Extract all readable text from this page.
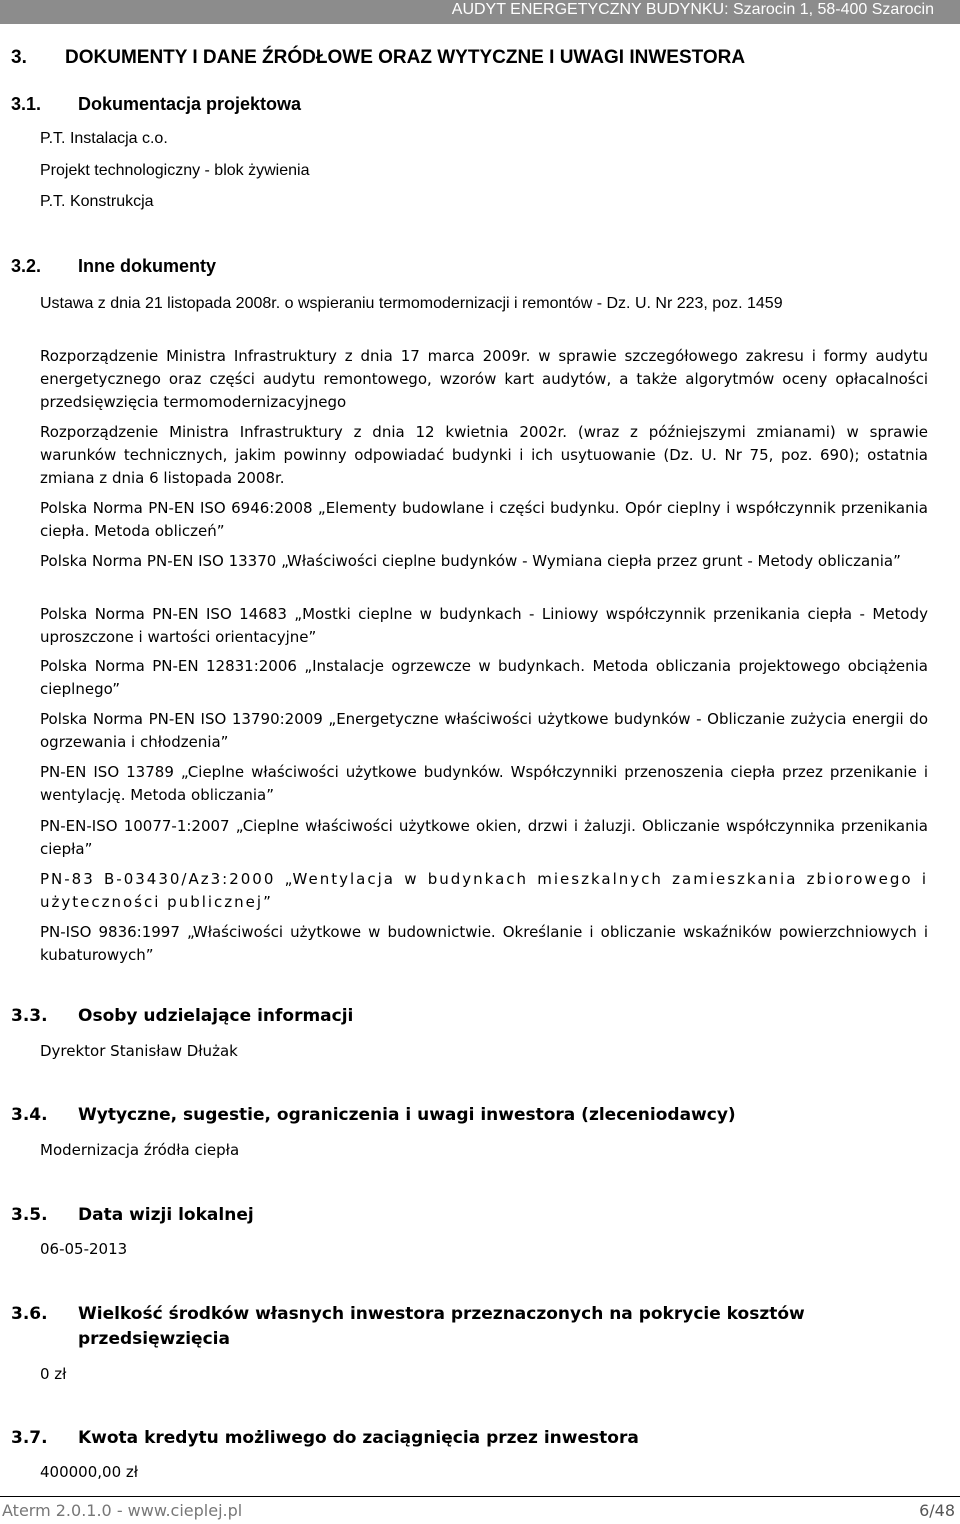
AUDYT ENERGETYCZNY BUDYNKU: Szarocin 1, 58-400 Szarocin
3. DOKUMENTY I DANE ŹRÓDŁOWE ORAZ WYTYCZNE I UWAGI INWESTORA
3.1. Dokumentacja projektowa
P.T. Instalacja c.o.
Projekt technologiczny - blok żywienia
P.T. Konstrukcja
3.2. Inne dokumenty
Ustawa z dnia 21 listopada 2008r. o wspieraniu termomodernizacji i remontów - Dz. U. Nr 223, poz. 1459
Rozporządzenie Ministra Infrastruktury z dnia 17 marca 2009r. w sprawie szczegółowego zakresu i formy audytu energetycznego oraz części audytu remontowego, wzorów kart audytów, a także algorytmów oceny opłacalności przedsięwzięcia termomodernizacyjnego
Rozporządzenie Ministra Infrastruktury z dnia 12 kwietnia 2002r. (wraz z późniejszymi zmianami) w sprawie warunków technicznych, jakim powinny odpowiadać budynki i ich usytuowanie (Dz. U. Nr 75, poz. 690); ostatnia zmiana z dnia 6 listopada 2008r.
Polska Norma PN-EN ISO 6946:2008 „Elementy budowlane i części budynku. Opór cieplny i współczynnik przenikania ciepła. Metoda obliczeń”
Polska Norma PN-EN ISO 13370 „Właściwości cieplne budynków - Wymiana ciepła przez grunt - Metody obliczania”
Polska Norma PN-EN ISO 14683 „Mostki cieplne w budynkach - Liniowy współczynnik przenikania ciepła - Metody uproszczone i wartości orientacyjne”
Polska Norma PN-EN 12831:2006 „Instalacje ogrzewcze w budynkach. Metoda obliczania projektowego obciążenia cieplnego”
Polska Norma PN-EN ISO 13790:2009 „Energetyczne właściwości użytkowe budynków - Obliczanie zużycia energii do ogrzewania i chłodzenia”
PN-EN ISO 13789 „Cieplne właściwości użytkowe budynków. Współczynniki przenoszenia ciepła przez przenikanie i wentylację. Metoda obliczania”
PN-EN-ISO 10077-1:2007 „Cieplne właściwości użytkowe okien, drzwi i żaluzji. Obliczanie współczynnika przenikania ciepła”
PN-83 B-03430/Az3:2000 „Wentylacja w budynkach mieszkalnych zamieszkania zbiorowego i użyteczności publicznej”
PN-ISO 9836:1997 „Właściwości użytkowe w budownictwie. Określanie i obliczanie wskaźników powierzchniowych i kubaturowych”
3.3. Osoby udzielające informacji
Dyrektor Stanisław Dłużak
3.4. Wytyczne, sugestie, ograniczenia i uwagi inwestora (zleceniodawcy)
Modernizacja źródła ciepła
3.5. Data wizji lokalnej
06-05-2013
3.6. Wielkość środków własnych inwestora przeznaczonych na pokrycie kosztów przedsięwzięcia
0 zł
3.7. Kwota kredytu możliwego do zaciągnięcia przez inwestora
400000,00 zł
Aterm 2.0.1.0 - www.cieplej.pl	6/48
